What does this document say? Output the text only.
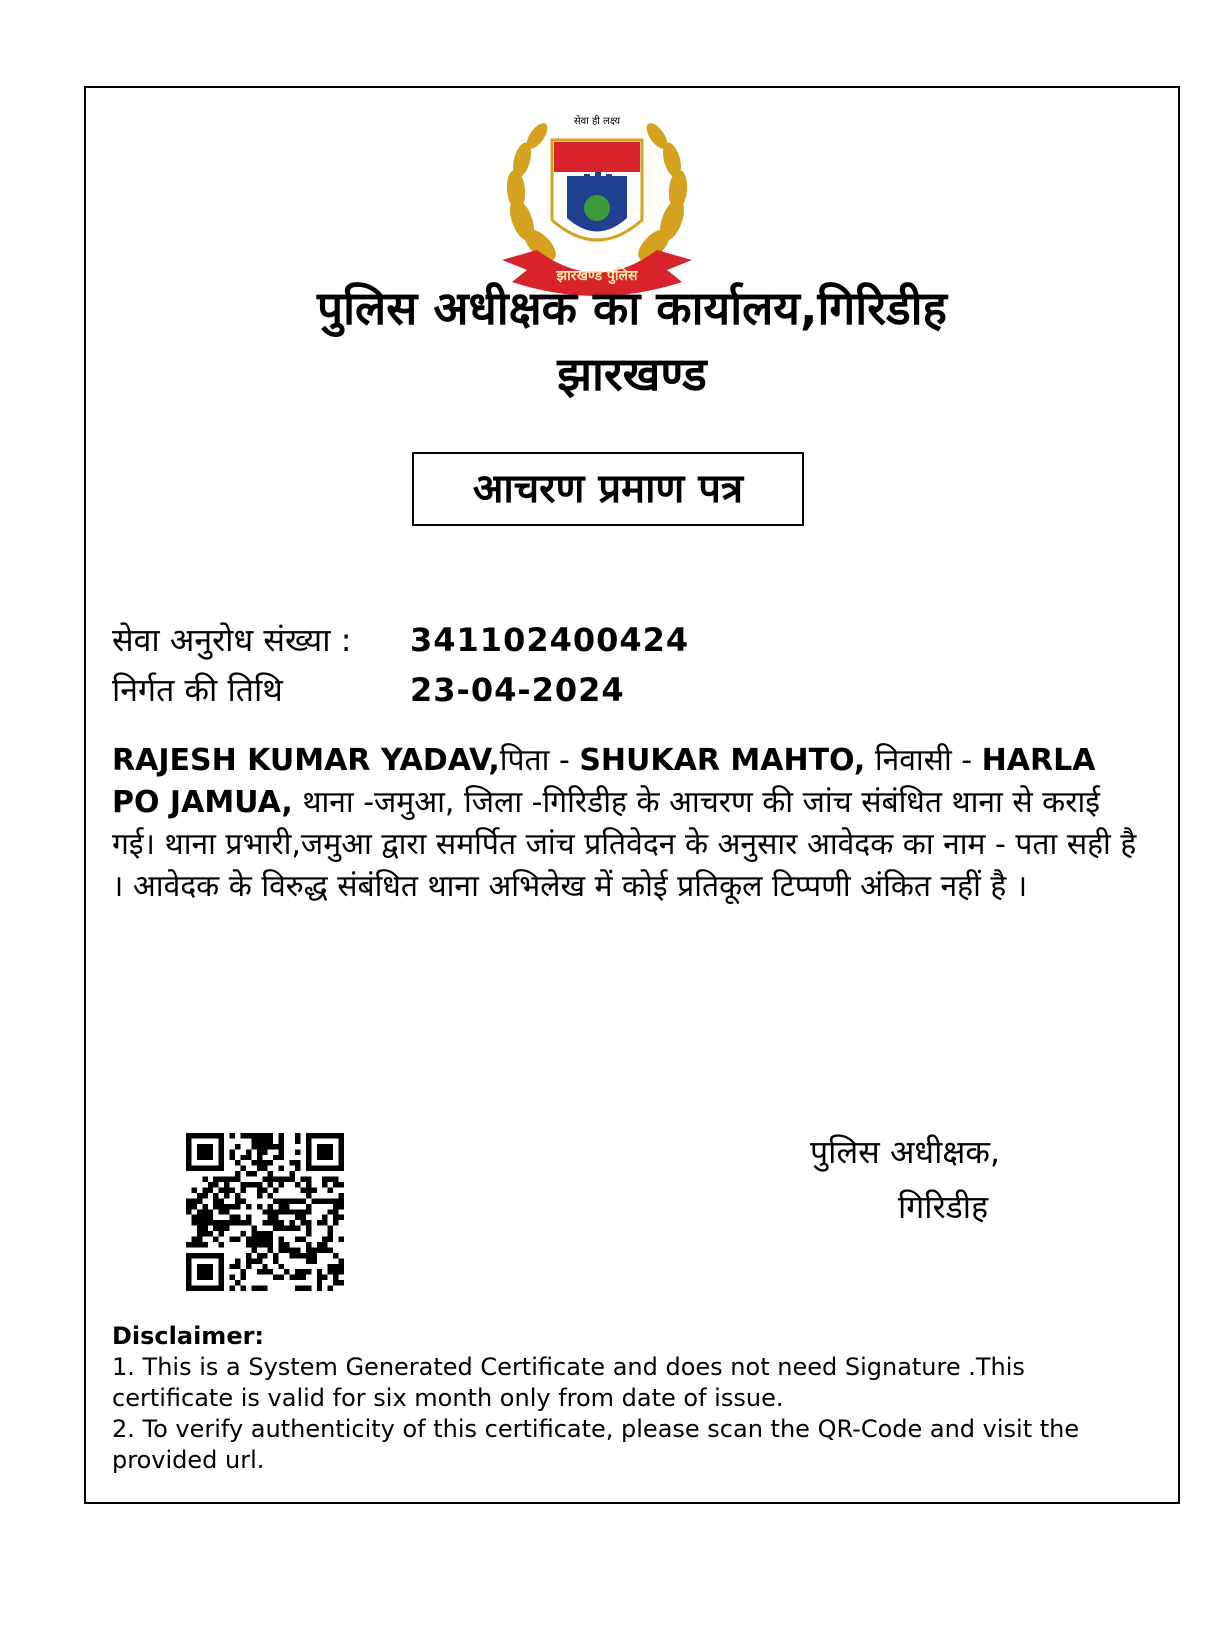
सेवा ही लक्ष्य
झारखण्ड पुलिस
पुलिस अधीक्षक का कार्यालय,गिरिडीह
झारखण्ड
आचरण प्रमाण पत्र
सेवा अनुरोध संख्या : 341102400424
निर्गत की तिथि	23-04-2024
RAJESH KUMAR YADAV,पिता - SHUKAR MAHTO, निवासी - HARLA PO JAMUA, थाना -जमुआ, जिला -गिरिडीह के आचरण की जांच संबंधित थाना से कराई गई। थाना प्रभारी,जमुआ द्वारा समर्पित जांच प्रतिवेदन के अनुसार आवेदक का नाम - पता सही है । आवेदक के विरुद्ध संबंधित थाना अभिलेख में कोई प्रतिकूल टिप्पणी अंकित नहीं है ।
पुलिस अधीक्षक,
गिरिडीह
Disclaimer:

1. This is a System Generated Certificate and does not need Signature .This certificate is valid for six month only from date of issue.

2. To verify authenticity of this certificate, please scan the QR-Code and visit the provided url.
